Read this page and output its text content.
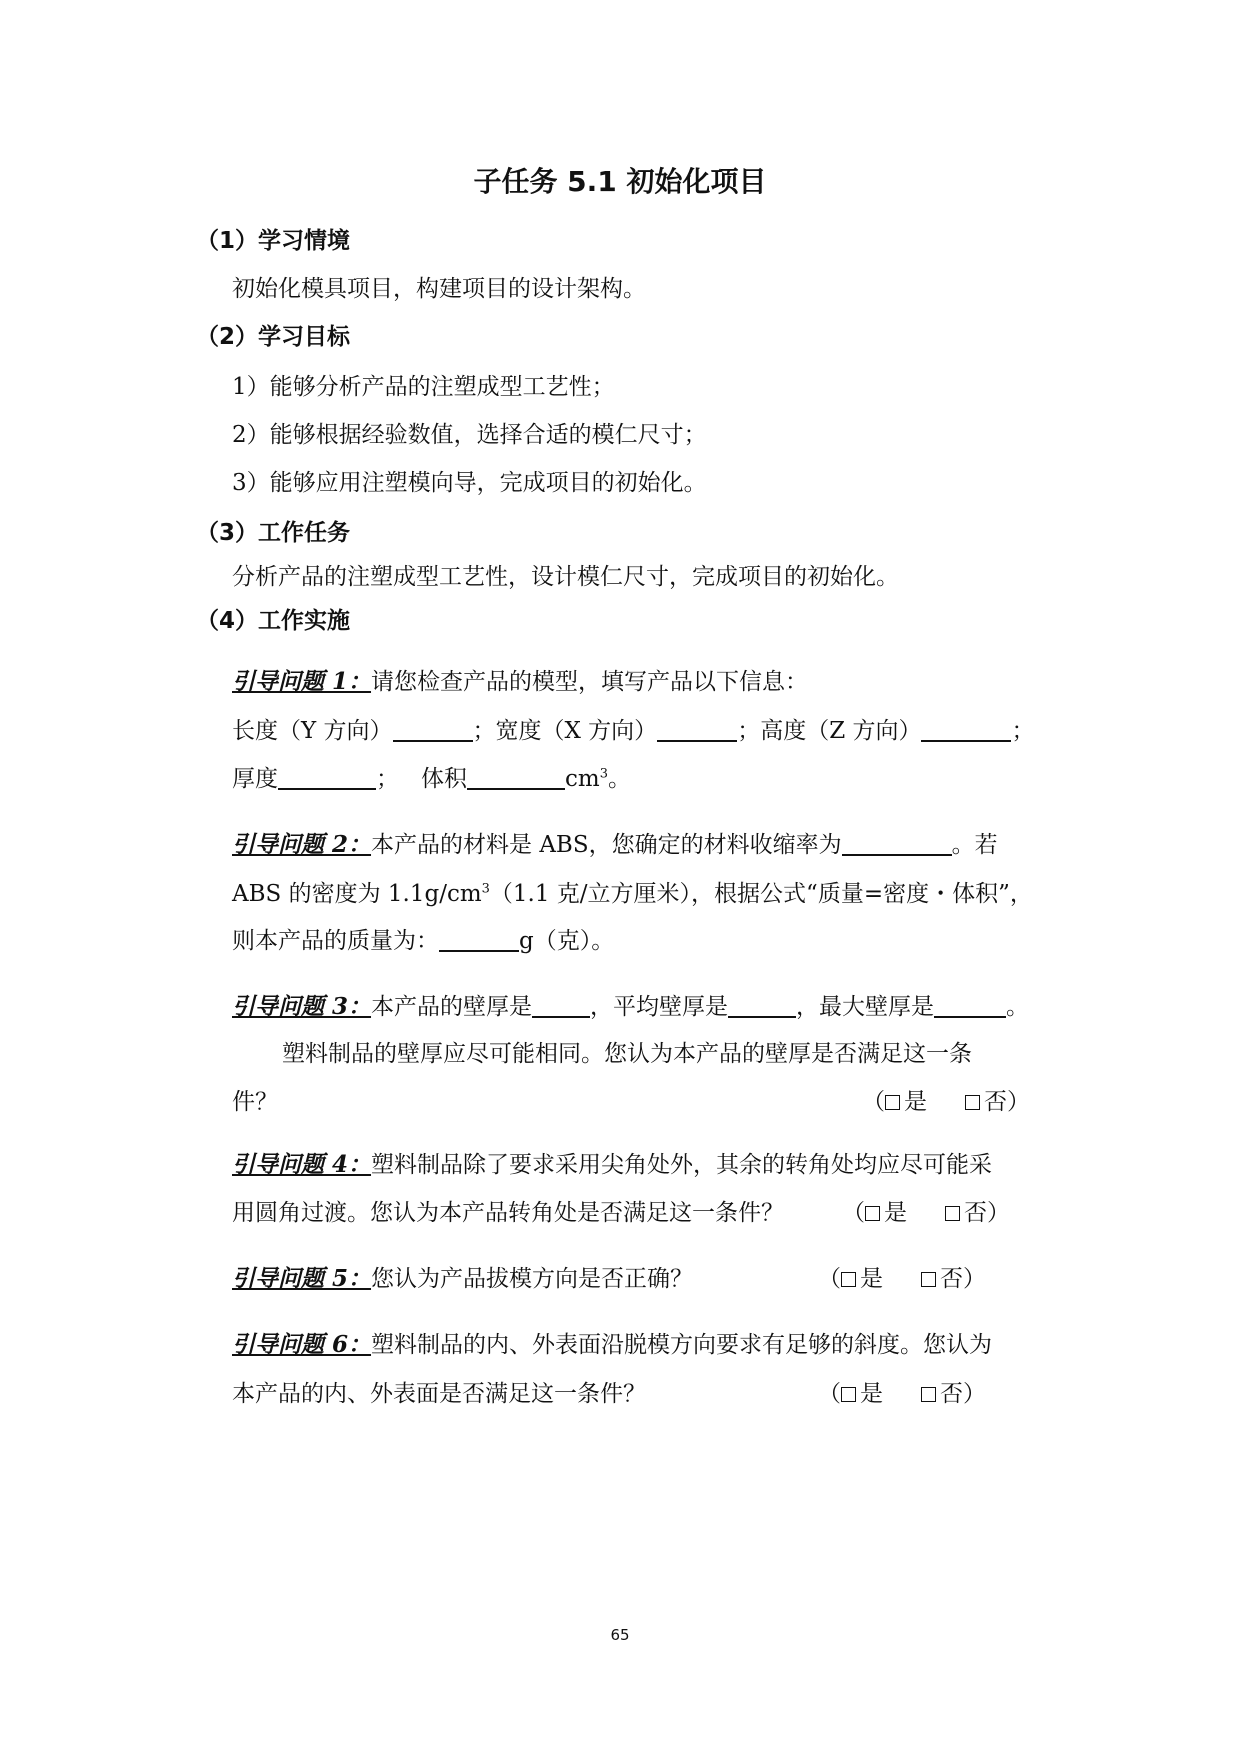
子任务 5.1 初始化项目
（1）学习情境
初始化模具项目，构建项目的设计架构。
（2）学习目标
1）能够分析产品的注塑成型工艺性；
2）能够根据经验数值，选择合适的模仁尺寸；
3）能够应用注塑模向导，完成项目的初始化。
（3）工作任务
分析产品的注塑成型工艺性，设计模仁尺寸，完成项目的初始化。
（4）工作实施
引导问题 1：请您检查产品的模型，填写产品以下信息：
长度（Y 方向）	；宽度（X 方向）	；高度（Z 方向）	；
厚度	； 体积	$cm^3$。
引导问题 2：本产品的材料是 ABS，您确定的材料收缩率为	。若
ABS 的密度为 $1.1g/cm^3(1.1$ 克/立方厘米），根据公式“质量=密度・体积”，
则本产品的质量为：	g（克）。
引导问题 3：本产品的壁厚是	，平均壁厚是	，最大壁厚是	。
塑料制品的壁厚应尽可能相同。您认为本产品的壁厚是否满足这一条
件？	（ 是 否）
引导问题 4：塑料制品除了要求采用尖角处外，其余的转角处均应尽可能采
用圆角过渡。您认为本产品转角处是否满足这一条件？	（ 是 否）
引导问题 5：您认为产品拔模方向是否正确？	（ 是 否）
引导问题 6：塑料制品的内、外表面沿脱模方向要求有足够的斜度。您认为
本产品的内、外表面是否满足这一条件？	（ 是 否）
65
